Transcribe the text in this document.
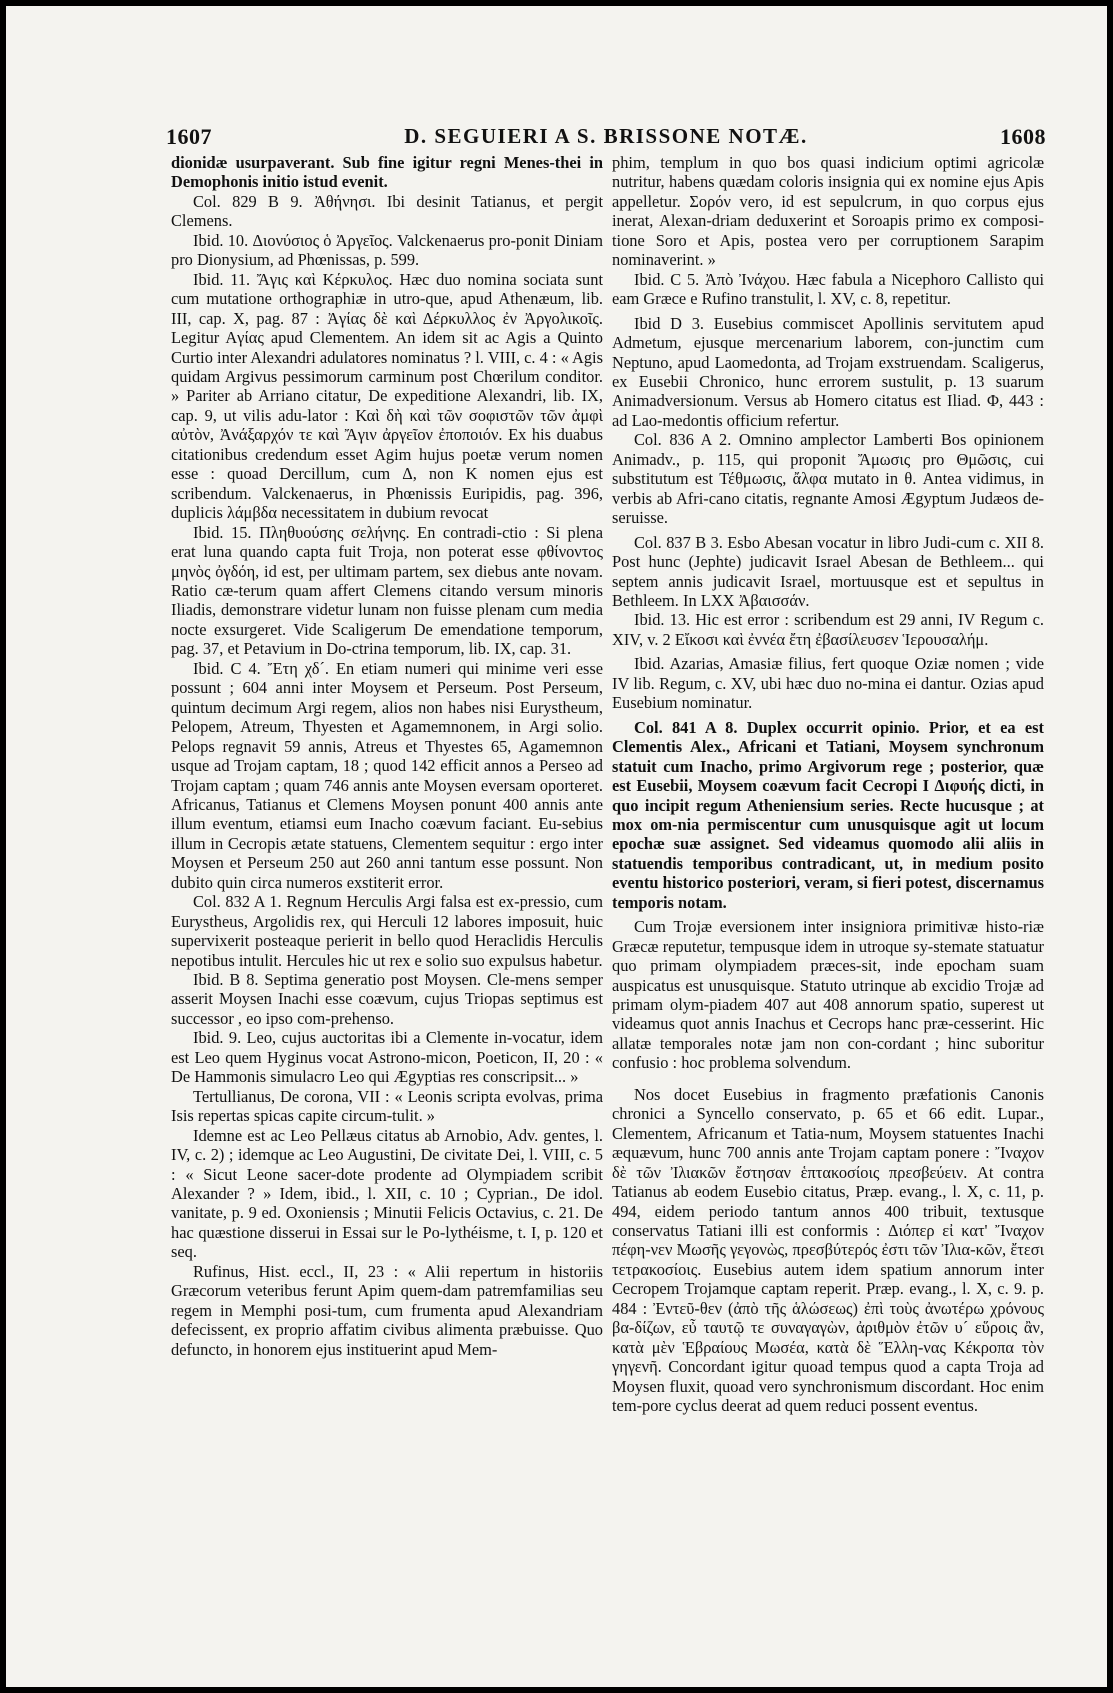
D. SEGUIERI A S. BRISSONE NOTÆ.
1607	1608

dionidæ usurpaverant. Sub fine igitur regni Menes-thei in Demophonis initio istud evenit.

Col. 829 B 9. Ἀθήνησι. Ibi desinit Tatianus, et pergit Clemens.

Ibid. 10. Διονύσιος ὁ Ἀργεῖος. Valckenaerus pro-ponit Diniam pro Dionysium, ad Phœnissas, p. 599.

Ibid. 11. Ἄγις καὶ Κέρκυλος. Hæc duo nomina sociata sunt cum mutatione orthographiæ in utro-que, apud Athenæum, lib. III, cap. X, pag. 87 : Ἀγίας δὲ καὶ Δέρκυλλος ἐν Ἀργολικοῖς. Legitur Aγίας apud Clementem. An idem sit ac Agis a Quinto Curtio inter Alexandri adulatores nominatus ? l. VIII, c. 4 : « Agis quidam Argivus pessimorum carminum post Chœrilum conditor. » Pariter ab Arriano citatur, De expeditione Alexandri, lib. IX, cap. 9, ut vilis adu-lator : Καὶ δὴ καὶ τῶν σοφιστῶν τῶν ἀμφὶ αὐτὸν, Ἀνάξαρχόν τε καὶ Ἄγιν ἀργεῖον ἐποποιόν. Ex his duabus citationibus credendum esset Agim hujus poetæ verum nomen esse : quoad Dercillum, cum Δ, non K nomen ejus est scribendum. Valckenaerus, in Phœnissis Euripidis, pag. 396, duplicis λάμβδα necessitatem in dubium revocat

Ibid. 15. Πληθυούσης σελήνης. En contradi-ctio : Si plena erat luna quando capta fuit Troja, non poterat esse φθίνοντος μηνὸς ὀγδόη, id est, per ultimam partem, sex diebus ante novam. Ratio cæ-terum quam affert Clemens citando versum minoris Iliadis, demonstrare videtur lunam non fuisse plenam cum media nocte exsurgeret. Vide Scaligerum De emendatione temporum, pag. 37, et Petavium in Do-ctrina temporum, lib. IX, cap. 31.

Ibid. C 4. Ἔτη χδ´. En etiam numeri qui minime veri esse possunt ; 604 anni inter Moysem et Perseum. Post Perseum, quintum decimum Argi regem, alios non habes nisi Eurystheum, Pelopem, Atreum, Thyesten et Agamemnonem, in Argi solio. Pelops regnavit 59 annis, Atreus et Thyestes 65, Agamemnon usque ad Trojam captam, 18 ; quod 142 efficit annos a Perseo ad Trojam captam ; quam 746 annis ante Moysen eversam oporteret. Africanus, Tatianus et Clemens Moysen ponunt 400 annis ante illum eventum, etiamsi eum Inacho coævum faciant. Eu-sebius illum in Cecropis ætate statuens, Clementem sequitur : ergo inter Moysen et Perseum 250 aut 260 anni tantum esse possunt. Non dubito quin circa numeros exstiterit error.

Col. 832 A 1. Regnum Herculis Argi falsa est ex-pressio, cum Eurystheus, Argolidis rex, qui Herculi 12 labores imposuit, huic supervixerit posteaque perierit in bello quod Heraclidis Herculis nepotibus intulit. Hercules hic ut rex e solio suo expulsus habetur.

Ibid. B 8. Septima generatio post Moysen. Cle-mens semper asserit Moysen Inachi esse coævum, cujus Triopas septimus est successor , eo ipso com-prehenso.

Ibid. 9. Leo, cujus auctoritas ibi a Clemente in-vocatur, idem est Leo quem Hyginus vocat Astrono-micon, Poeticon, II, 20 : « De Hammonis simulacro Leo qui Ægyptias res conscripsit... »

Tertullianus, De corona, VII : « Leonis scripta evolvas, prima Isis repertas spicas capite circum-tulit. »

Idemne est ac Leo Pellæus citatus ab Arnobio, Adv. gentes, l. IV, c. 2) ; idemque ac Leo Augustini, De civitate Dei, l. VIII, c. 5 : « Sicut Leone sacer-dote prodente ad Olympiadem scribit Alexander ? » Idem, ibid., l. XII, c. 10 ; Cyprian., De idol. vanitate, p. 9 ed. Oxoniensis ; Minutii Felicis Octavius, c. 21. De hac quæstione disserui in Essai sur le Po-lythéisme, t. I, p. 120 et seq.

Rufinus, Hist. eccl., II, 23 : « Alii repertum in historiis Græcorum veteribus ferunt Apim quem-dam patremfamilias seu regem in Memphi posi-tum, cum frumenta apud Alexandriam defecissent, ex proprio affatim civibus alimenta præbuisse. Quo defuncto, in honorem ejus instituerint apud Mem-

phim, templum in quo bos quasi indicium optimi agricolæ nutritur, habens quædam coloris insignia qui ex nomine ejus Apis appelletur. Σορόν vero, id est sepulcrum, in quo corpus ejus inerat, Alexan-driam deduxerint et Soroapis primo ex composi-tione Soro et Apis, postea vero per corruptionem Sarapim nominaverint. »

Ibid. C 5. Ἀπὸ Ἰνάχου. Hæc fabula a Nicephoro Callisto qui eam Græce e Rufino transtulit, l. XV, c. 8, repetitur.

Ibid D 3. Eusebius commiscet Apollinis servitutem apud Admetum, ejusque mercenarium laborem, con-junctim cum Neptuno, apud Laomedonta, ad Trojam exstruendam. Scaligerus, ex Eusebii Chronico, hunc errorem sustulit, p. 13 suarum Animadversionum. Versus ab Homero citatus est Iliad. Φ, 443 : ad Lao-medontis officium refertur.

Col. 836 A 2. Omnino amplector Lamberti Bos opinionem Animadv., p. 115, qui proponit Ἄμωσις pro Θμῶσις, cui substitutum est Τέθμωσις, ἄλφα mutato in θ. Antea vidimus, in verbis ab Afri-cano citatis, regnante Amosi Ægyptum Judæos de-seruisse.

Col. 837 B 3. Esbo Abesan vocatur in libro Judi-cum c. XII 8. Post hunc (Jephte) judicavit Israel Abesan de Bethleem... qui septem annis judicavit Israel, mortuusque est et sepultus in Bethleem. In LXX Ἀβαισσάν.

Ibid. 13. Hic est error : scribendum est 29 anni, IV Regum c. XIV, v. 2 Εἴκοσι καὶ ἐννέα ἔτη ἐβασίλευσεν Ἱερουσαλήμ.

Ibid. Azarias, Amasiæ filius, fert quoque Oziæ nomen ; vide IV lib. Regum, c. XV, ubi hæc duo no-mina ei dantur. Ozias apud Eusebium nominatur.

Col. 841 A 8. Duplex occurrit opinio. Prior, et ea est Clementis Alex., Africani et Tatiani, Moysem synchronum statuit cum Inacho, primo Argivorum rege ; posterior, quæ est Eusebii, Moysem coævum facit Cecropi I Διφυής dicti, in quo incipit regum Atheniensium series. Recte hucusque ; at mox om-nia permiscentur cum unusquisque agit ut locum epochæ suæ assignet. Sed videamus quomodo alii aliis in statuendis temporibus contradicant, ut, in medium posito eventu historico posteriori, veram, si fieri potest, discernamus temporis notam.

Cum Trojæ eversionem inter insigniora primitivæ histo-riæ Græcæ reputetur, tempusque idem in utroque sy-stemate statuatur quo primam olympiadem præces-sit, inde epocham suam auspicatus est unusquisque. Statuto utrinque ab excidio Trojæ ad primam olym-piadem 407 aut 408 annorum spatio, superest ut videamus quot annis Inachus et Cecrops hanc præ-cesserint. Hic allatæ temporales notæ jam non con-cordant ; hinc suboritur confusio : hoc problema solvendum.

Nos docet Eusebius in fragmento præfationis Canonis chronici a Syncello conservato, p. 65 et 66 edit. Lupar., Clementem, Africanum et Tatia-num, Moysem statuentes Inachi æquævum, hunc 700 annis ante Trojam captam ponere : Ἴναχον δὲ τῶν Ἰλιακῶν ἔστησαν ἑπτακοσίοις πρεσβεύειν. At contra Tatianus ab eodem Eusebio citatus, Præp. evang., l. X, c. 11, p. 494, eidem periodo tantum annos 400 tribuit, textusque conservatus Tatiani illi est conformis : Διόπερ εἰ κατ' Ἴναχον πέφη-νεν Μωσῆς γεγονὼς, πρεσβύτερός ἐστι τῶν Ἰλια-κῶν, ἔτεσι τετρακοσίοις. Eusebius autem idem spatium annorum inter Cecropem Trojamque captam reperit. Præp. evang., l. X, c. 9. p. 484 : Ἐντεῦ-θεν (ἀπὸ τῆς ἁλώσεως) ἐπὶ τοὺς ἀνωτέρω χρόνους βα-δίζων, εὖ ταυτῷ τε συναγαγὼν, ἀριθμὸν ἐτῶν υ´ εὕροις ἂν, κατὰ μὲν Ἑβραίους Μωσέα, κατὰ δὲ Ἕλλη-νας Κέκροπα τὸν γηγενῆ. Concordant igitur quoad tempus quod a capta Troja ad Moysen fluxit, quoad vero synchronismum discordant. Hoc enim tem-pore cyclus deerat ad quem reduci possent eventus.
